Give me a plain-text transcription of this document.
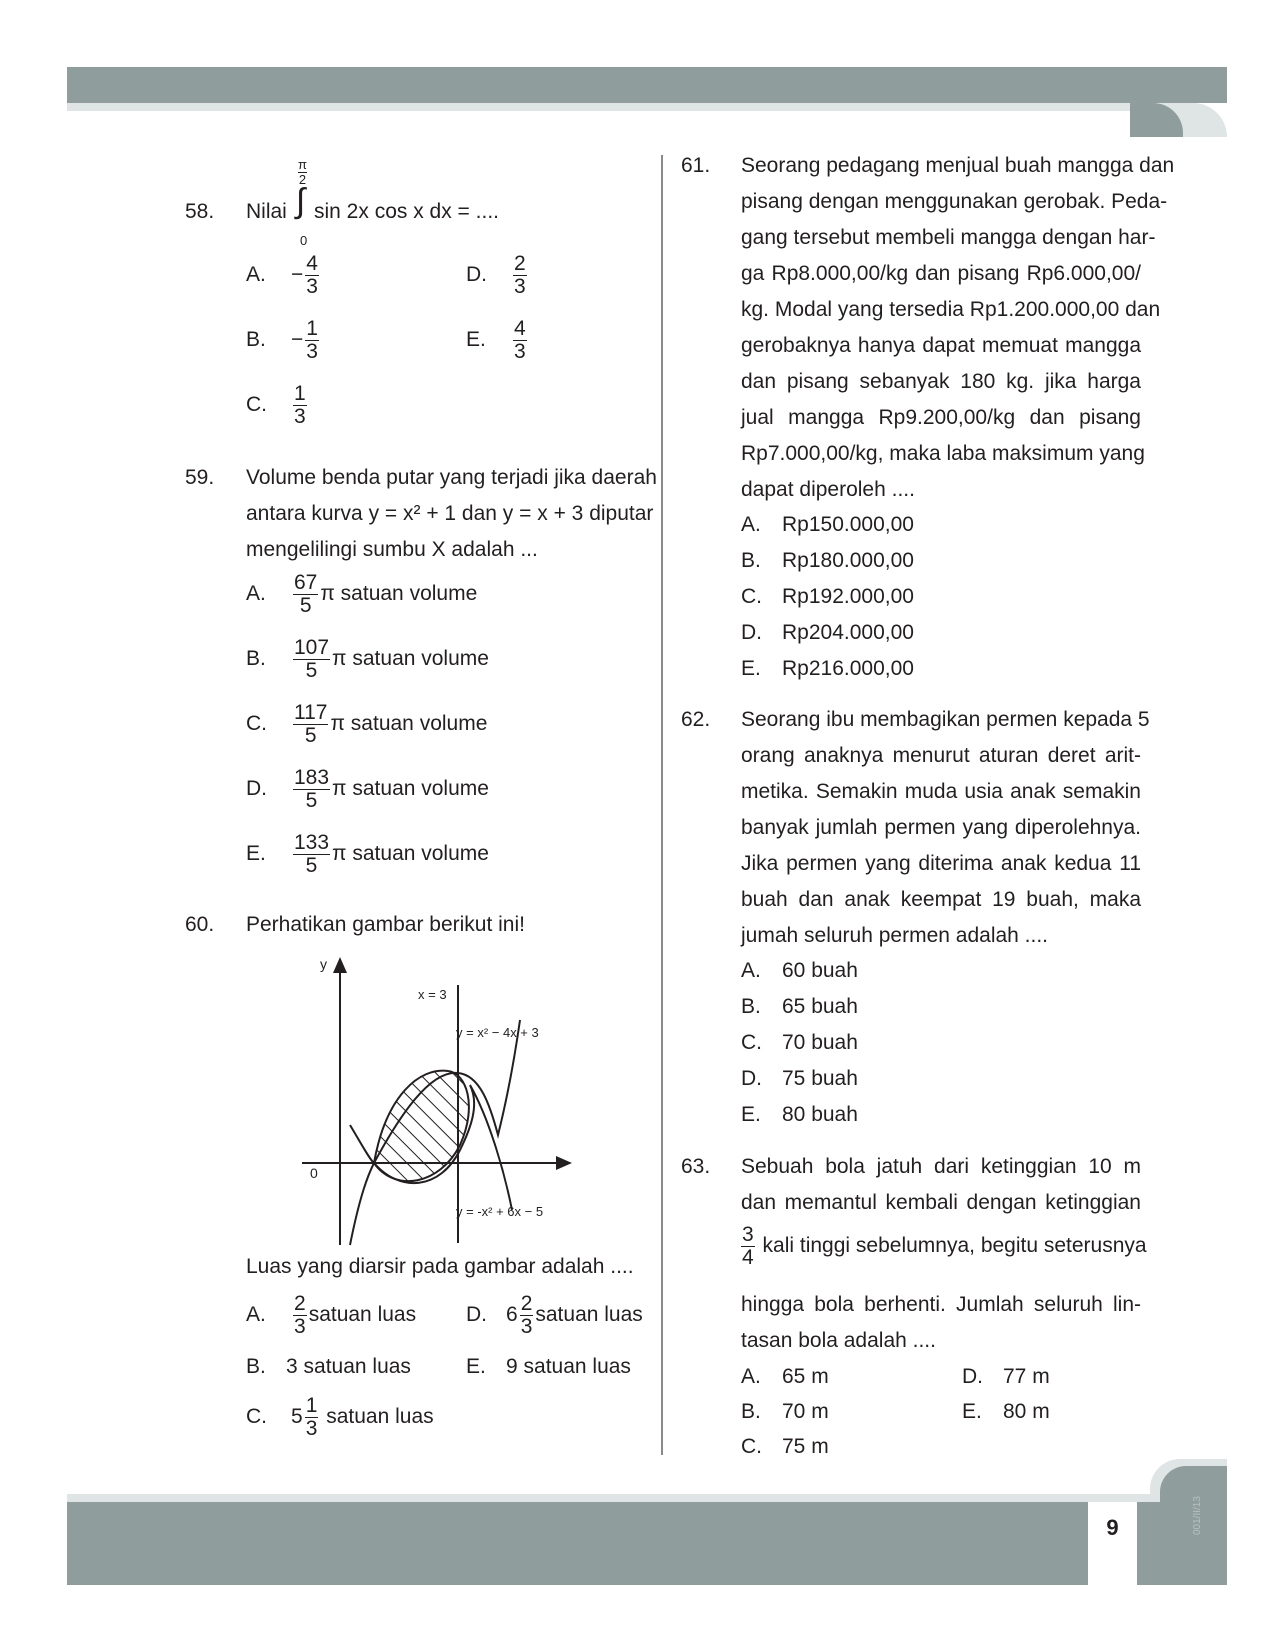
9	001/II/13
58. Nilai
π
2
∫
0
sin 2x cos x dx = ....
A. − $\frac{4}{3}$
B. − $\frac{1}{3}$
C. $\frac{1}{3}$
D. $\frac{2}{3}$
E. $\frac{4}{3}$
59. Volume benda putar yang terjadi jika daerah
antara kurva y = x² + 1 dan y = x + 3 diputar
mengelilingi sumbu X adalah ...
A. $\frac{67}{5}$ π satuan volume
B. $\frac{107}{5}$ π satuan volume
C. $\frac{117}{5}$ π satuan volume
D. $\frac{183}{5}$ π satuan volume
E. $\frac{133}{5}$ π satuan volume
60. Perhatikan gambar berikut ini!
y
0
x = 3
y = x² − 4x + 3
y = -x² + 6x − 5
Luas yang diarsir pada gambar adalah ....
A. $\frac{2}{3}$ satuan luas
B. 3 satuan luas
C. $5 \frac{1}{3}$ satuan luas
D. $6 \frac{2}{3}$ satuan luas
E. 9 satuan luas
61. Seorang pedagang menjual buah mangga dan
pisang dengan menggunakan gerobak. Peda-
gang tersebut membeli mangga dengan har-
ga Rp8.000,00/kg dan pisang Rp6.000,00/
kg. Modal yang tersedia Rp1.200.000,00 dan
gerobaknya hanya dapat memuat mangga
dan pisang sebanyak 180 kg. jika harga
jual mangga Rp9.200,00/kg dan pisang
Rp7.000,00/kg, maka laba maksimum yang
dapat diperoleh ....
A. Rp150.000,00
B. Rp180.000,00
C. Rp192.000,00
D. Rp204.000,00
E. Rp216.000,00
62. Seorang ibu membagikan permen kepada 5
orang anaknya menurut aturan deret arit-
metika. Semakin muda usia anak semakin
banyak jumlah permen yang diperolehnya.
Jika permen yang diterima anak kedua 11
buah dan anak keempat 19 buah, maka
jumah seluruh permen adalah ....
A. 60 buah
B. 65 buah
C. 70 buah
D. 75 buah
E. 80 buah
63. Sebuah bola jatuh dari ketinggian 10 m
dan memantul kembali dengan ketinggian
$\frac{3}{4}$ kali tinggi sebelumnya, begitu seterusnya
hingga bola berhenti. Jumlah seluruh lin-
tasan bola adalah ....
A. 65 m
B. 70 m
C. 75 m
D. 77 m
E. 80 m
